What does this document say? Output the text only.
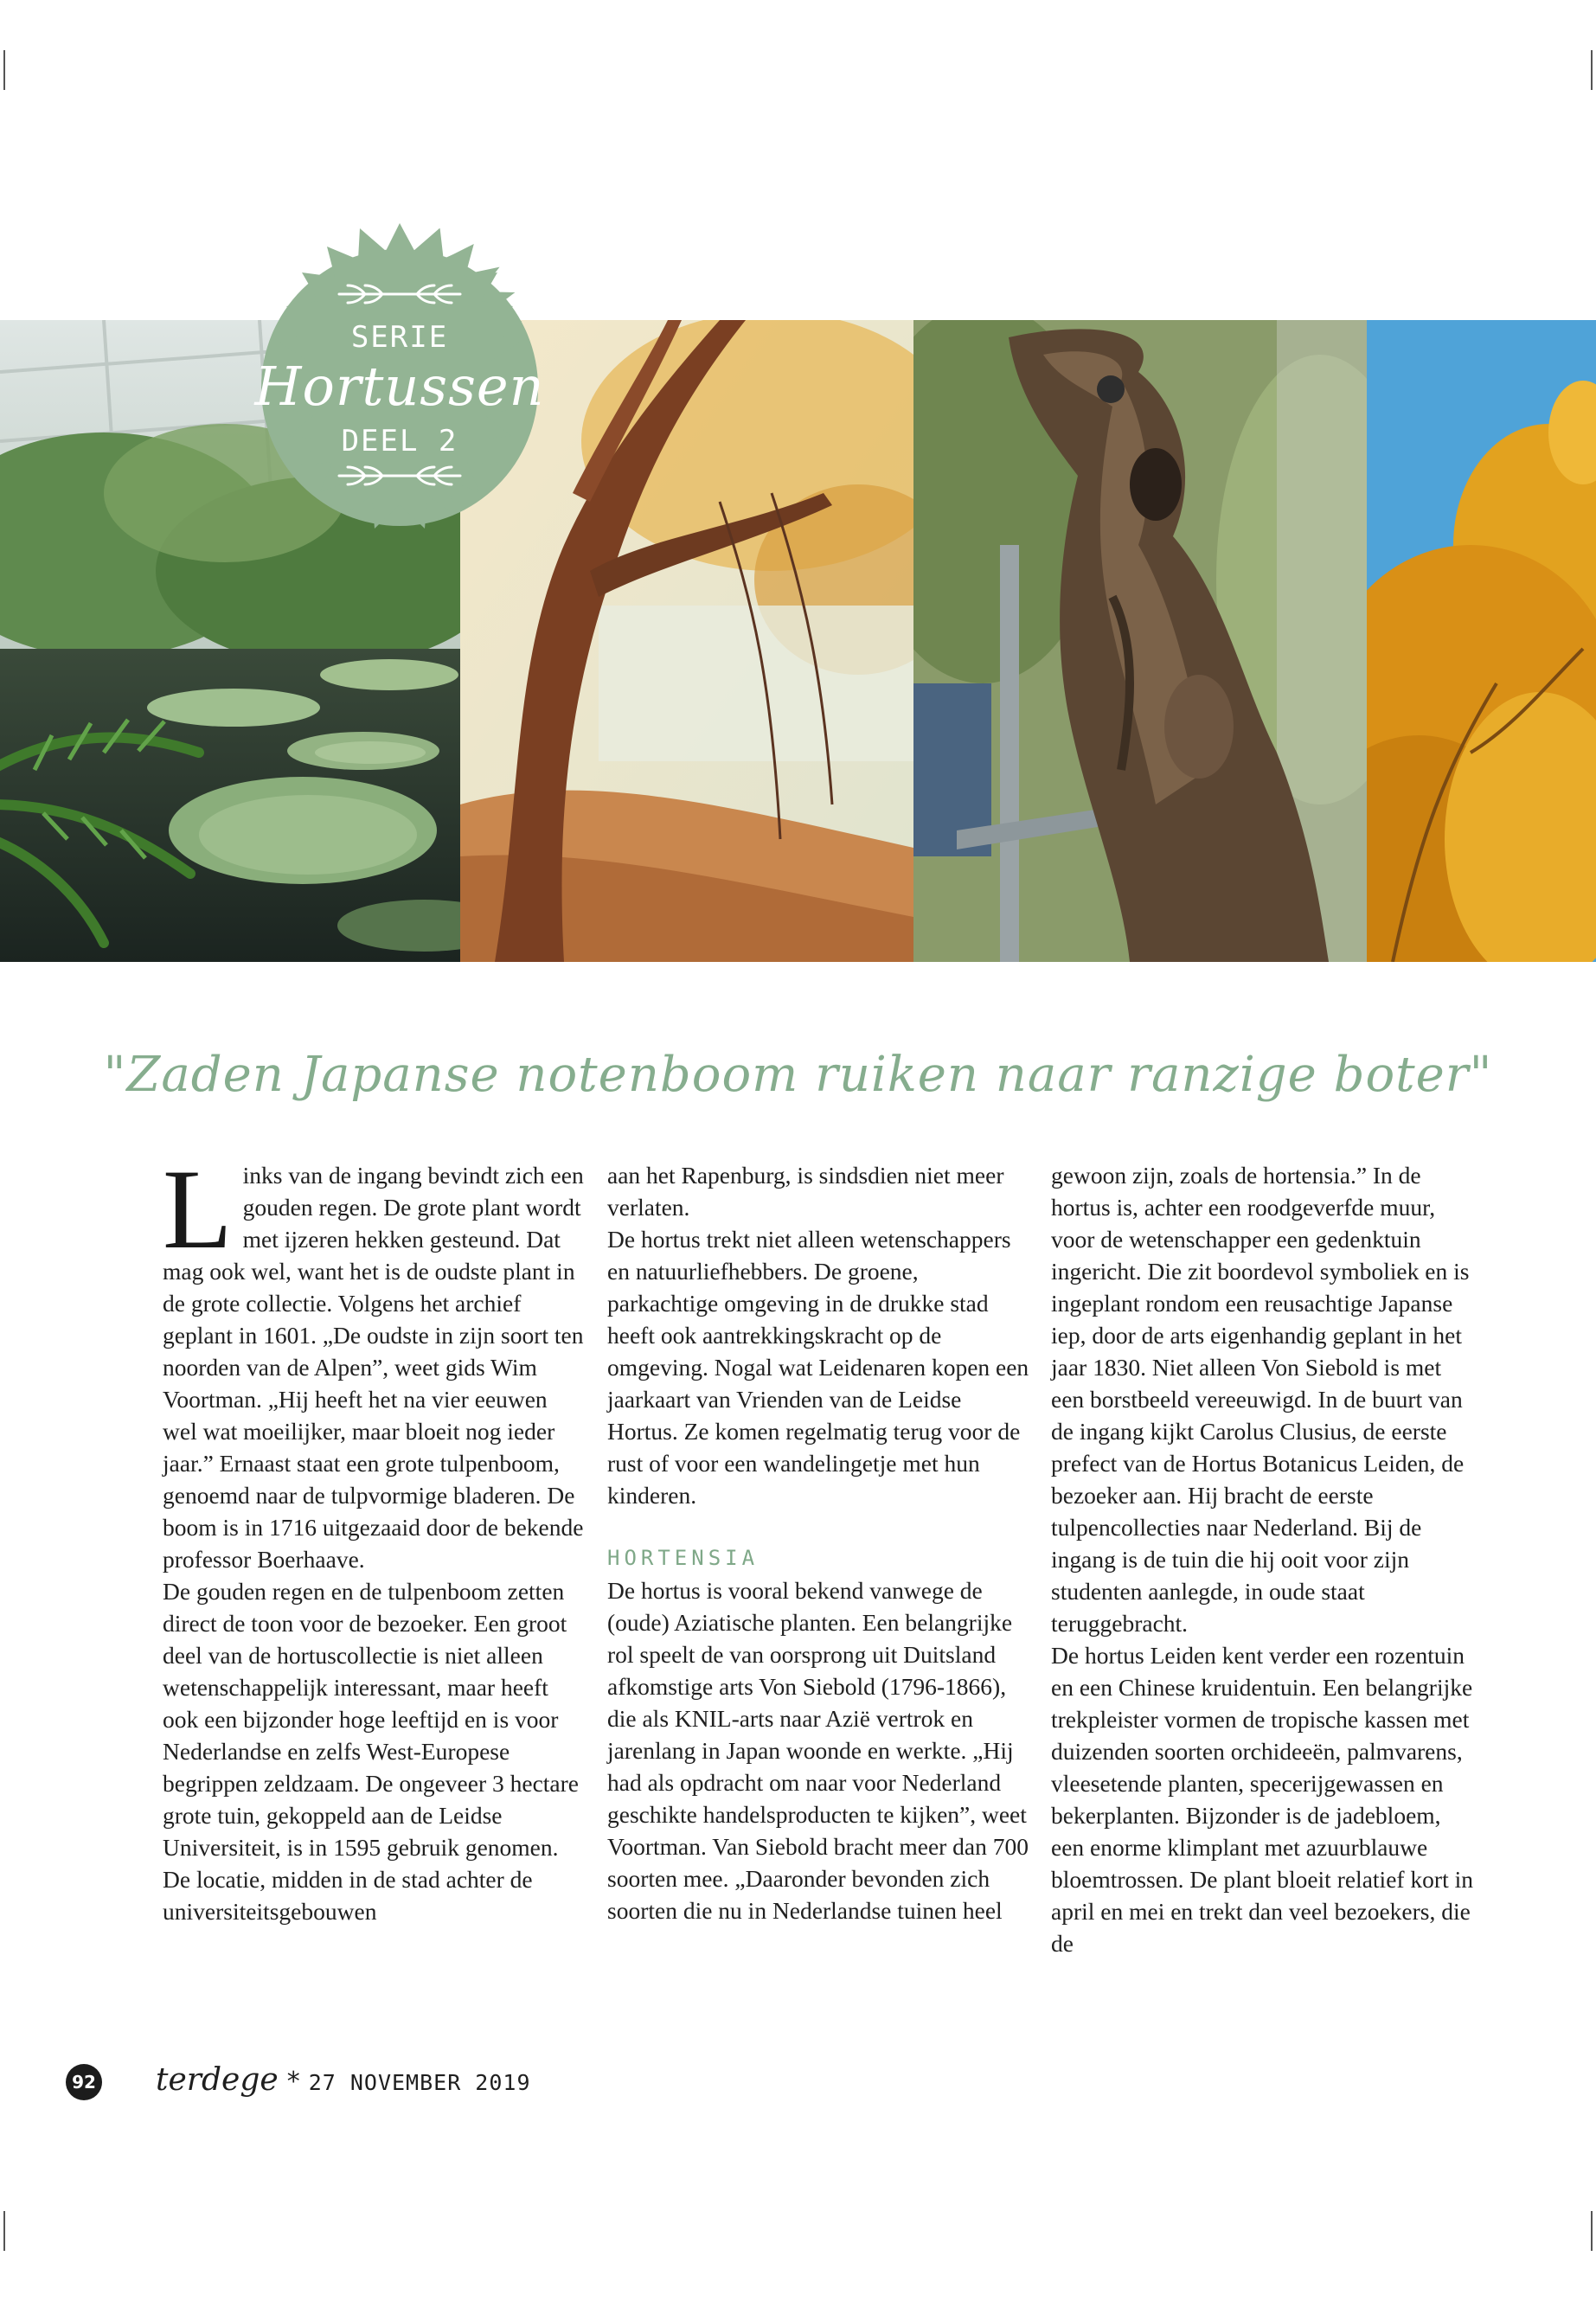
SERIE
Hortussen
DEEL 2
"Zaden Japanse notenboom ruiken naar ranzige boter"

Links van de ingang bevindt zich een gouden regen. De grote plant wordt met ijzeren hekken gesteund. Dat mag ook wel, want het is de oudste plant in de grote collectie. Volgens het archief geplant in 1601. „De oudste in zijn soort ten noorden van de Alpen”, weet gids Wim Voortman. „Hij heeft het na vier eeuwen wel wat moeilijker, maar bloeit nog ieder jaar.” Ernaast staat een grote tulpenboom, genoemd naar de tulpvormige bladeren. De boom is in 1716 uitgezaaid door de bekende professor Boerhaave.

De gouden regen en de tulpenboom zetten direct de toon voor de bezoeker. Een groot deel van de hortuscollectie is niet alleen wetenschappelijk interessant, maar heeft ook een bijzonder hoge leeftijd en is voor Nederlandse en zelfs West-Europese begrippen zeldzaam. De ongeveer 3 hectare grote tuin, gekoppeld aan de Leidse Universiteit, is in 1595 gebruik genomen. De locatie, midden in de stad achter de universiteitsgebouwen

aan het Rapenburg, is sindsdien niet meer verlaten.

De hortus trekt niet alleen wetenschappers en natuurliefhebbers. De groene, parkachtige omgeving in de drukke stad heeft ook aantrekkingskracht op de omgeving. Nogal wat Leidenaren kopen een jaarkaart van Vrienden van de Leidse Hortus. Ze komen regelmatig terug voor de rust of voor een wandelingetje met hun kinderen.

HORTENSIA

De hortus is vooral bekend vanwege de (oude) Aziatische planten. Een belangrijke rol speelt de van oorsprong uit Duitsland afkomstige arts Von Siebold (1796-1866), die als KNIL-arts naar Azië vertrok en jarenlang in Japan woonde en werkte. „Hij had als opdracht om naar voor Nederland geschikte handelsproducten te kijken”, weet Voortman. Van Siebold bracht meer dan 700 soorten mee. „Daaronder bevonden zich soorten die nu in Nederlandse tuinen heel

gewoon zijn, zoals de hortensia.” In de hortus is, achter een roodgeverfde muur, voor de wetenschapper een gedenktuin ingericht. Die zit boordevol symboliek en is ingeplant rondom een reusachtige Japanse iep, door de arts eigenhandig geplant in het jaar 1830. Niet alleen Von Siebold is met een borstbeeld vereeuwigd. In de buurt van de ingang kijkt Carolus Clusius, de eerste prefect van de Hortus Botanicus Leiden, de bezoeker aan. Hij bracht de eerste tulpencollecties naar Nederland. Bij de ingang is de tuin die hij ooit voor zijn studenten aanlegde, in oude staat teruggebracht.

De hortus Leiden kent verder een rozentuin en een Chinese kruidentuin. Een belangrijke trekpleister vormen de tropische kassen met duizenden soorten orchideeën, palmvarens, vleesetende planten, specerijgewassen en bekerplanten. Bijzonder is de jadebloem, een enorme klimplant met azuurblauwe bloemtrossen. De plant bloeit relatief kort in april en mei en trekt dan veel bezoekers, die de

92 terdege * 27 NOVEMBER 2019
